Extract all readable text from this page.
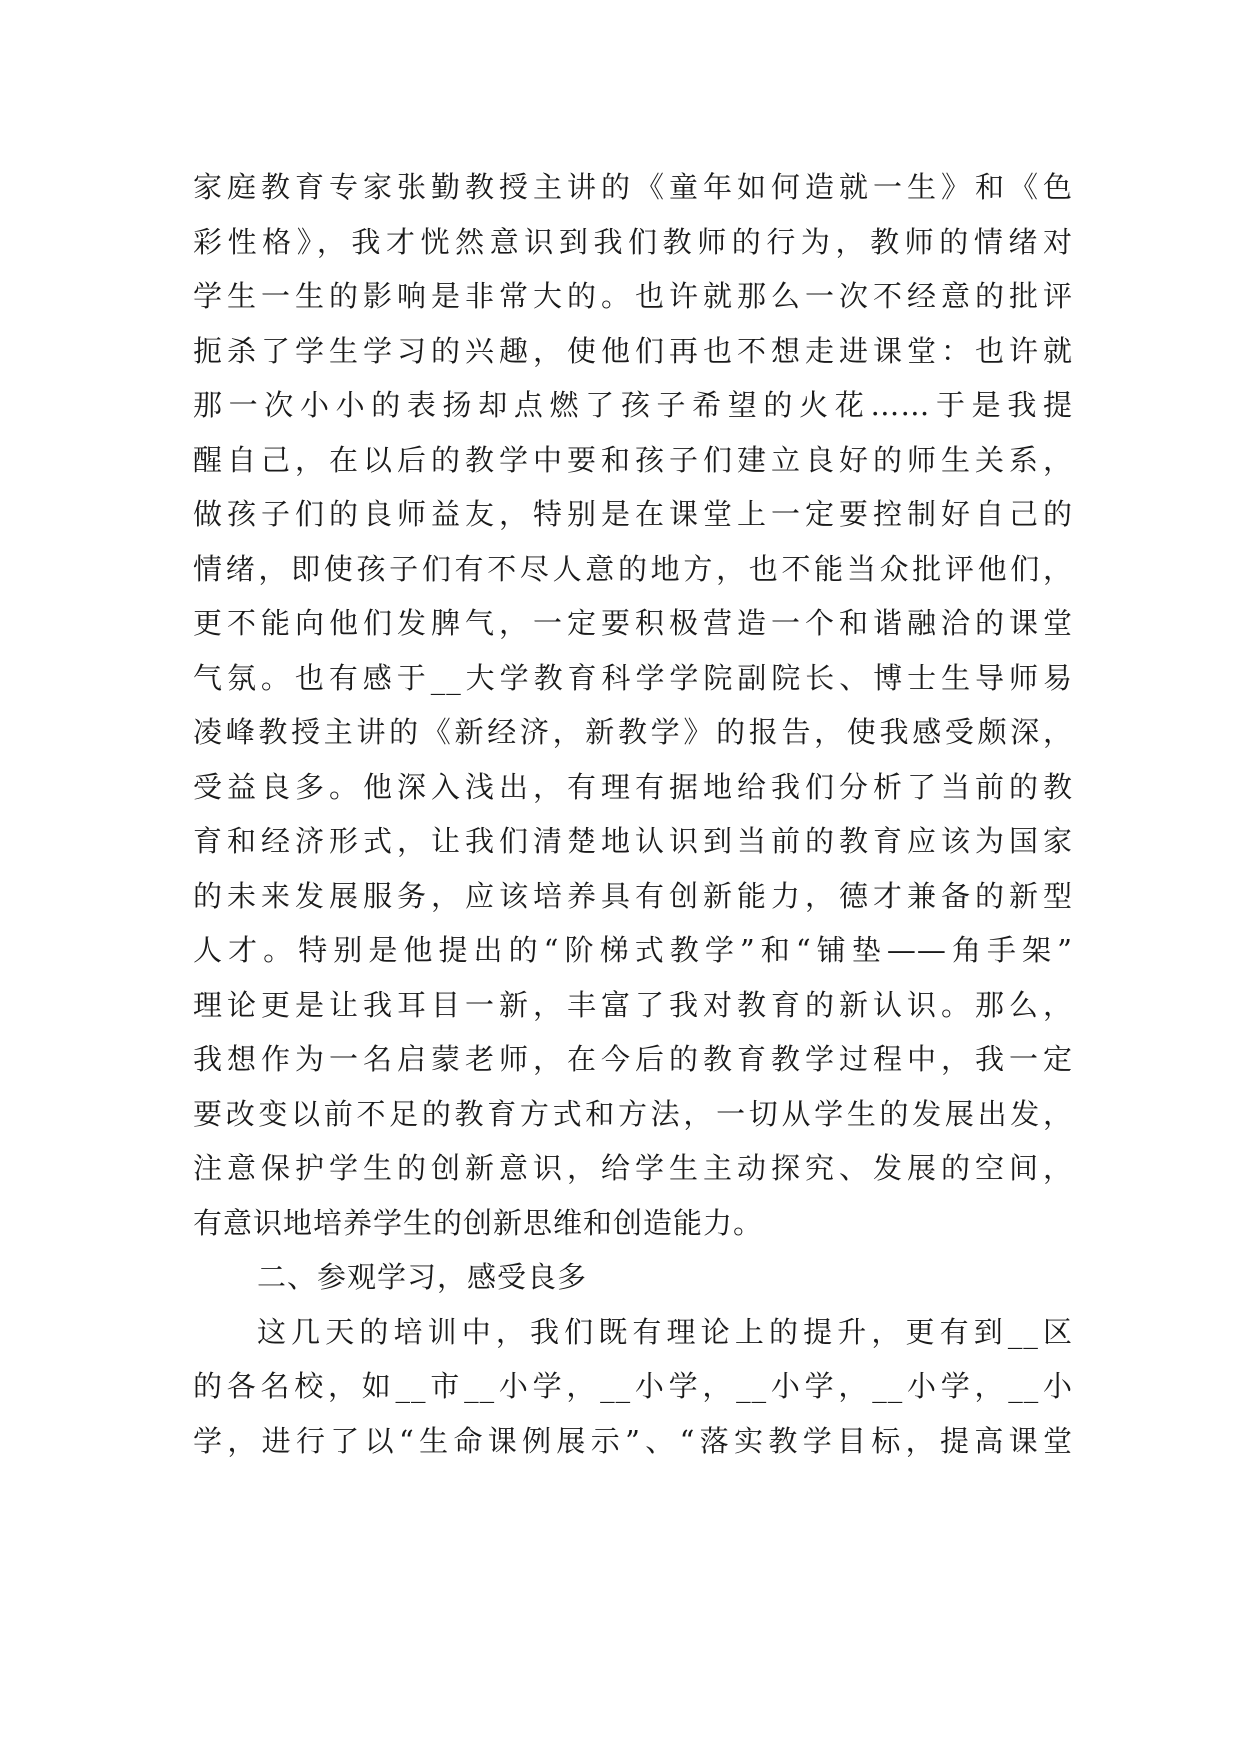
家庭教育专家张勤教授主讲的《童年如何造就一生》和《色
彩性格》，我才恍然意识到我们教师的行为，教师的情绪对
学生一生的影响是非常大的。也许就那么一次不经意的批评
扼杀了学生学习的兴趣，使他们再也不想走进课堂：也许就
那一次小小的表扬却点燃了孩子希望的火花……于是我提
醒自己，在以后的教学中要和孩子们建立良好的师生关系，
做孩子们的良师益友，特别是在课堂上一定要控制好自己的
情绪，即使孩子们有不尽人意的地方，也不能当众批评他们，
更不能向他们发脾气，一定要积极营造一个和谐融洽的课堂
气氛。也有感于__大学教育科学学院副院长、博士生导师易
凌峰教授主讲的《新经济，新教学》的报告，使我感受颇深，
受益良多。他深入浅出，有理有据地给我们分析了当前的教
育和经济形式，让我们清楚地认识到当前的教育应该为国家
的未来发展服务，应该培养具有创新能力，德才兼备的新型
人才。特别是他提出的“阶梯式教学”和“铺垫——角手架”
理论更是让我耳目一新，丰富了我对教育的新认识。那么，
我想作为一名启蒙老师，在今后的教育教学过程中，我一定
要改变以前不足的教育方式和方法，一切从学生的发展出发，
注意保护学生的创新意识，给学生主动探究、发展的空间，
有意识地培养学生的创新思维和创造能力。
二、参观学习，感受良多
这几天的培训中，我们既有理论上的提升，更有到__区
的各名校，如__市__小学，__小学，__小学，__小学，__小
学，进行了以“生命课例展示”、“落实教学目标，提高课堂
